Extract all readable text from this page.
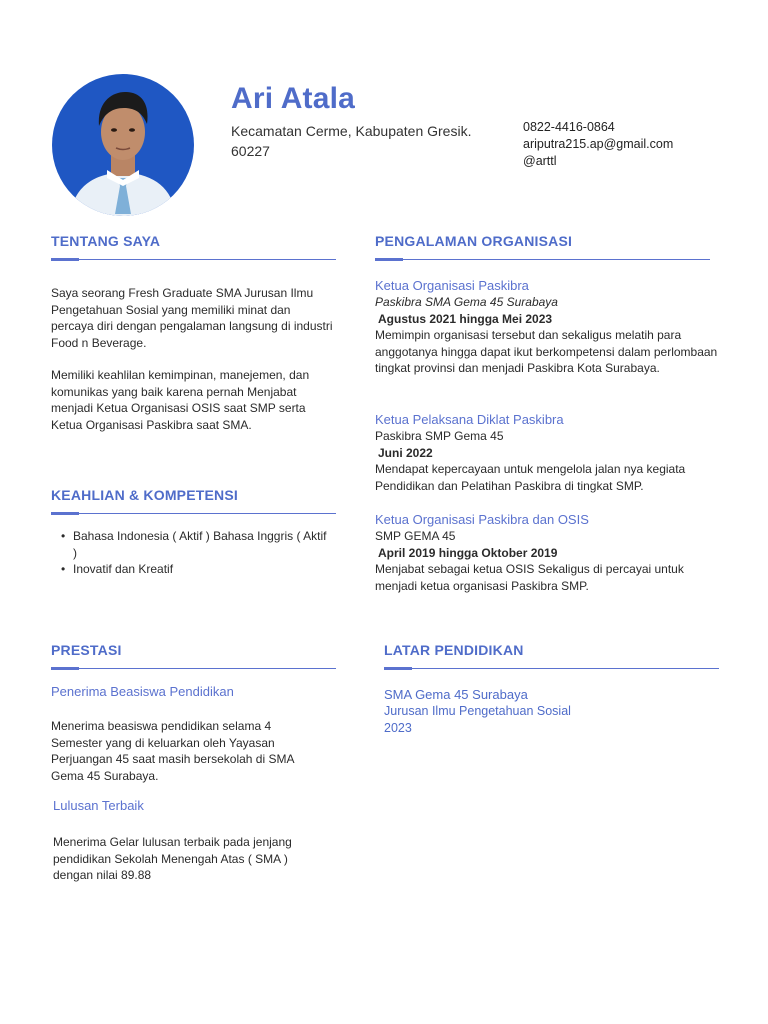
Ari Atala
Kecamatan Cerme, Kabupaten Gresik. 60227
0822-4416-0864
ariputra215.ap@gmail.com
@arttl
TENTANG SAYA
Saya seorang Fresh Graduate SMA Jurusan Ilmu Pengetahuan Sosial yang memiliki minat dan percaya diri dengan pengalaman langsung di industri Food n Beverage.
Memiliki keahlilan kemimpinan, manejemen, dan komunikas yang baik karena pernah Menjabat menjadi Ketua Organisasi OSIS saat SMP serta Ketua Organisasi Paskibra saat SMA.
KEAHLIAN & KOMPETENSI
• Bahasa Indonesia ( Aktif ) Bahasa Inggris ( Aktif )
• Inovatif dan Kreatif
PENGALAMAN ORGANISASI
Ketua Organisasi Paskibra
Paskibra SMA Gema 45 Surabaya
Agustus 2021 hingga Mei 2023
Memimpin organisasi tersebut dan sekaligus melatih para anggotanya hingga dapat ikut berkompetensi dalam perlombaan tingkat provinsi dan menjadi Paskibra Kota Surabaya.
Ketua Pelaksana Diklat Paskibra
Paskibra SMP Gema 45
Juni 2022
Mendapat kepercayaan untuk mengelola jalan nya kegiata Pendidikan dan Pelatihan Paskibra di tingkat SMP.
Ketua Organisasi Paskibra dan OSIS
SMP GEMA 45
April 2019 hingga Oktober 2019
Menjabat sebagai ketua OSIS Sekaligus di percayai untuk menjadi ketua organisasi Paskibra SMP.
PRESTASI
Penerima Beasiswa Pendidikan
Menerima beasiswa pendidikan selama 4 Semester yang di keluarkan oleh Yayasan Perjuangan 45 saat masih bersekolah di SMA Gema 45 Surabaya.
Lulusan Terbaik
Menerima Gelar lulusan terbaik pada jenjang pendidikan Sekolah Menengah Atas ( SMA ) dengan nilai 89.88
LATAR PENDIDIKAN
SMA Gema 45 Surabaya
Jurusan Ilmu Pengetahuan Sosial
2023
